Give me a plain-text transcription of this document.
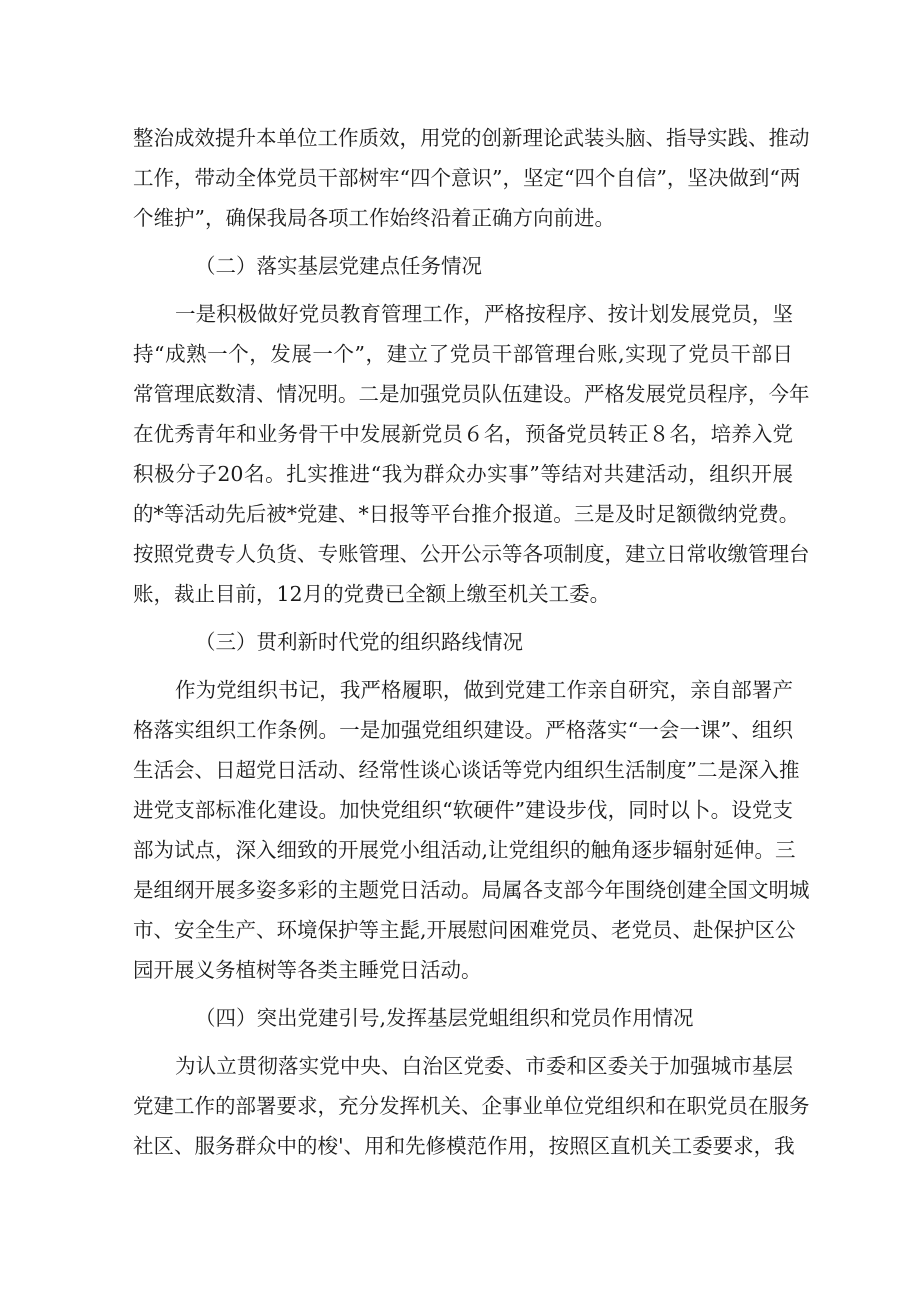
整治成效提升本单位工作质效，用党的创新理论武装头脑、指导实践、推动
工作，带动全体党员干部树牢“四个意识”，坚定“四个自信”，坚决做到“两
个维护”，确保我局各项工作始终沿着正确方向前进。
（二）落实基层党建点任务情况
一是积极做好党员教育管理工作，严格按程序、按计划发展党员，坚
持“成熟一个，发展一个”，建立了党员干部管理台账,实现了党员干部日
常管理底数清、情况明。二是加强党员队伍建设。严格发展党员程序，今年
在优秀青年和业务骨干中发展新党员６名，预备党员转正８名，培养入党
积极分子20名。扎实推进“我为群众办实事”等结对共建活动，组织开展
的*等活动先后被*党建、*日报等平台推介报道。三是及时足额微纳党费。
按照党费专人负货、专账管理、公开公示等各项制度，建立日常收缴管理台
账，裁止目前，12月的党费已全额上缴至机关工委。
（三）贯利新时代党的组织路线情况
作为党组织书记，我严格履职，做到党建工作亲自研究，亲自部署产
格落实组织工作条例。一是加强党组织建设。严格落实“一会一课”、组织
生活会、日超党日活动、经常性谈心谈话等党内组织生活制度”二是深入推
进党支部标准化建设。加快党组织“软硬件”建设步伐，同时以卜。设党支
部为试点，深入细致的开展党小组活动,让党组织的触角逐步辐射延伸。三
是组纲开展多姿多彩的主题党日活动。局属各支部今年围绕创建全国文明城
市、安全生产、环境保护等主髭,开展慰问困难党员、老党员、赴保护区公
园开展义务植树等各类主睡党日活动。
（四）突出党建引号,发挥基层党蛆组织和党员作用情况
为认立贯彻落实党中央、白治区党委、市委和区委关于加强城市基层
党建工作的部署要求，充分发挥机关、企事业单位党组织和在职党员在服务
社区、服务群众中的梭'、用和先修模范作用，按照区直机关工委要求，我
